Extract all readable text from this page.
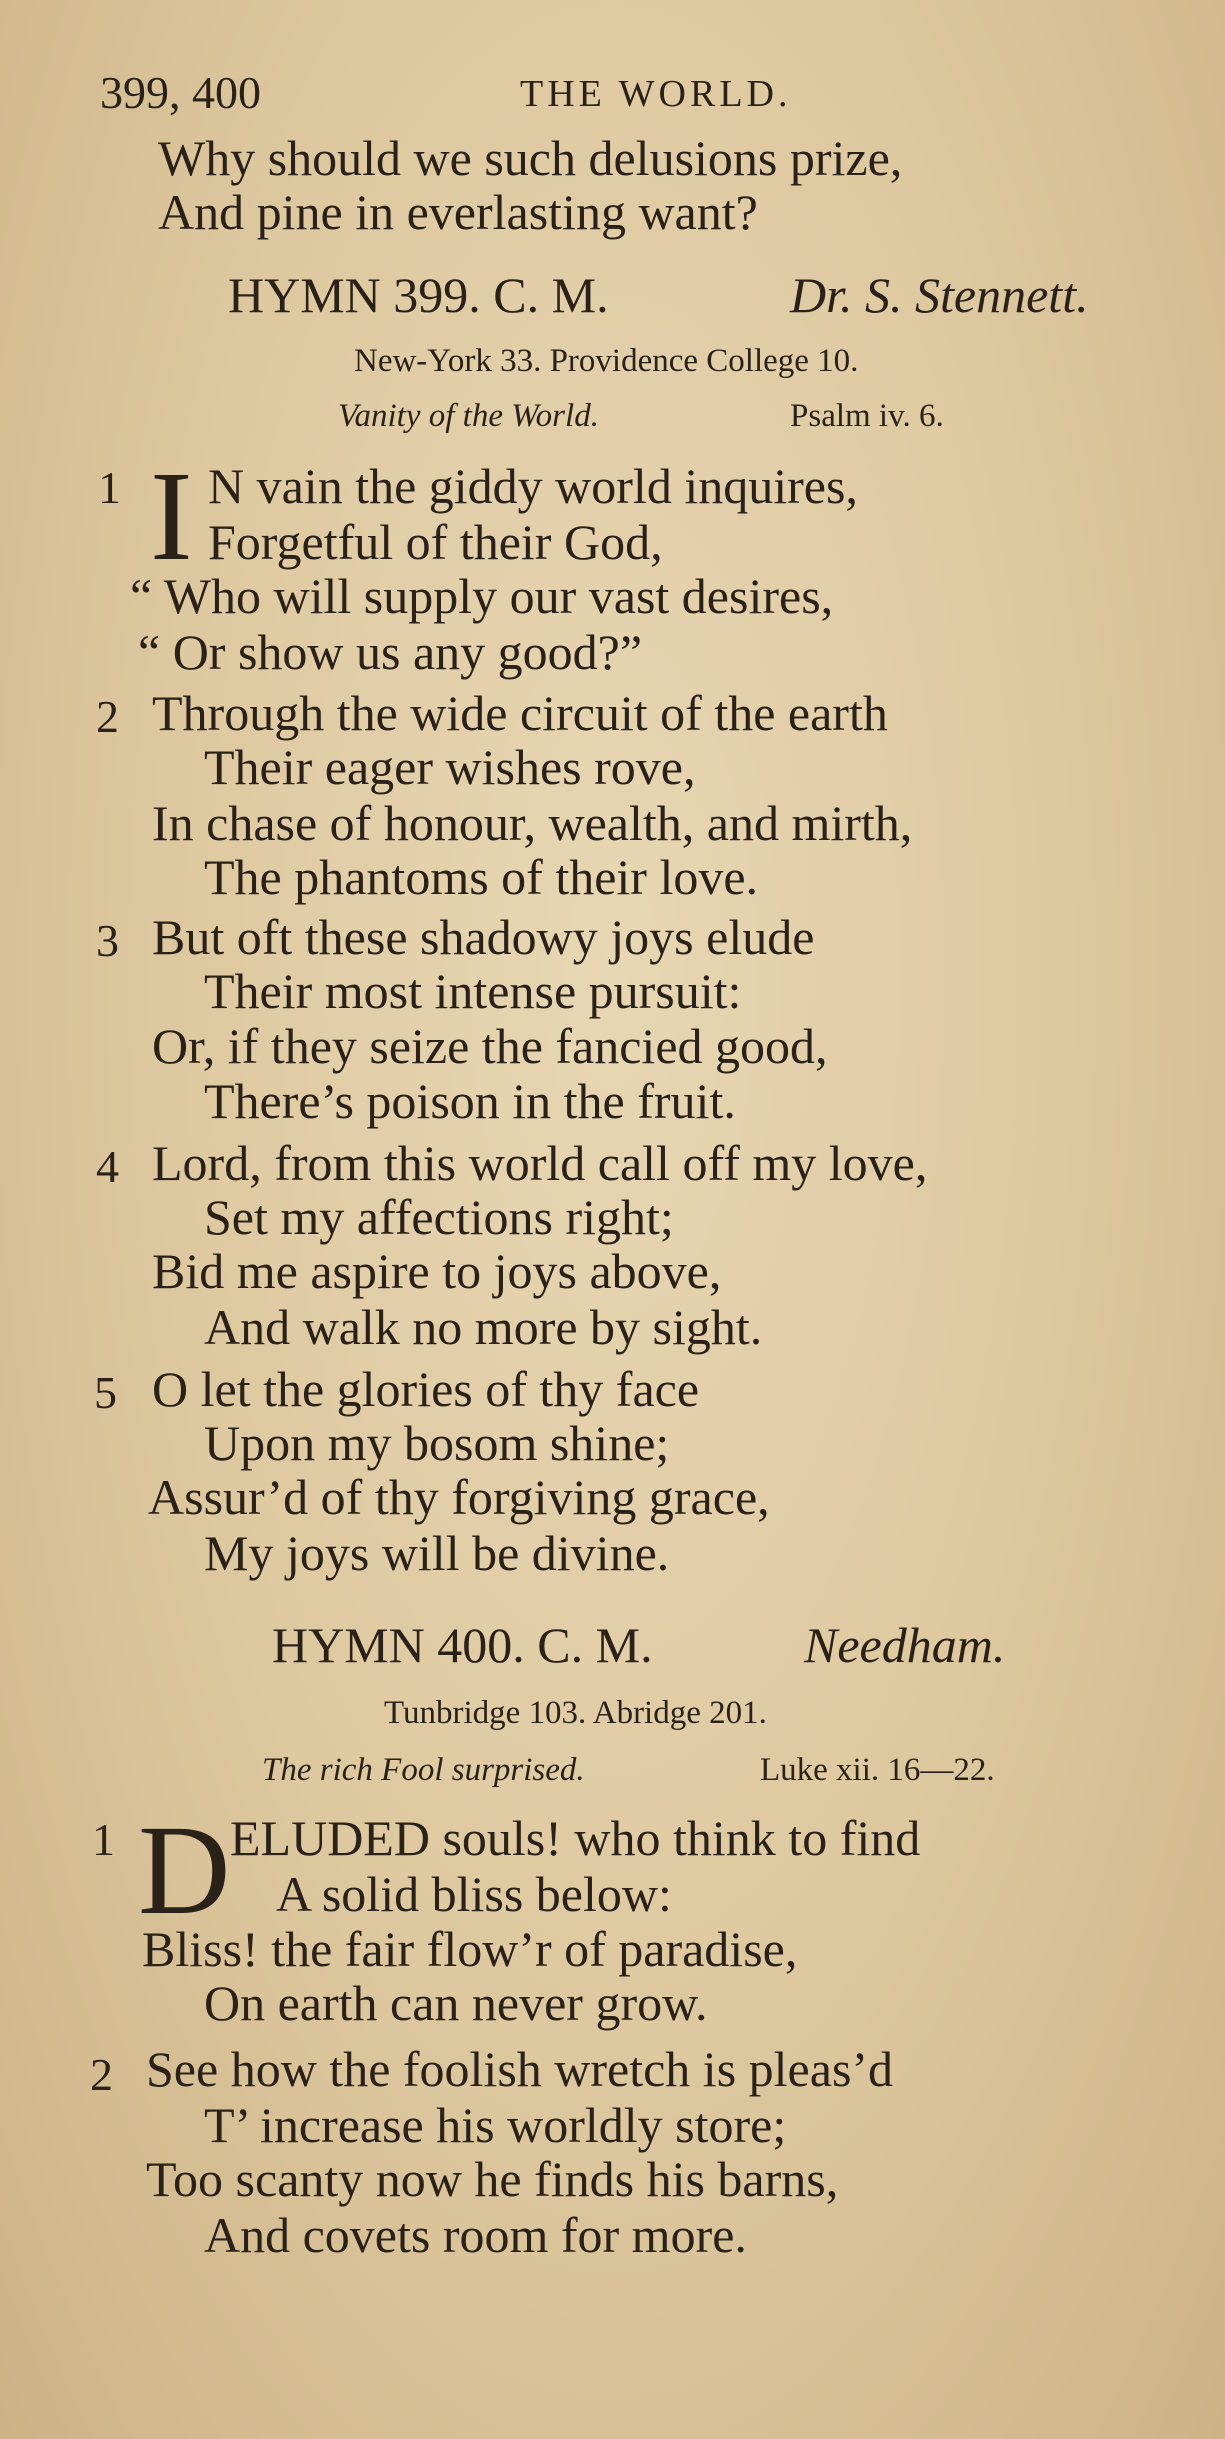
399, 400	THE WORLD.
Why should we such delusions prize,
And pine in everlasting want?
HYMN 399. C. M.	Dr. S. Stennett.
New-York 33. Providence College 10.
Vanity of the World.	Psalm iv. 6.
1 I N vain the giddy world inquires,
Forgetful of their God,
“ Who will supply our vast desires,
“ Or show us any good?”
2 Through the wide circuit of the earth
Their eager wishes rove,
In chase of honour, wealth, and mirth,
The phantoms of their love.
3 But oft these shadowy joys elude
Their most intense pursuit:
Or, if they seize the fancied good,
There’s poison in the fruit.
4 Lord, from this world call off my love,
Set my affections right;
Bid me aspire to joys above,
And walk no more by sight.
5 O let the glories of thy face
Upon my bosom shine;
Assur’d of thy forgiving grace,
My joys will be divine.
HYMN 400. C. M.	Needham.
Tunbridge 103. Abridge 201.
The rich Fool surprised.	Luke xii. 16—22.
1 D ELUDED souls! who think to find
A solid bliss below:
Bliss! the fair flow’r of paradise,
On earth can never grow.
2 See how the foolish wretch is pleas’d
T’ increase his worldly store;
Too scanty now he finds his barns,
And covets room for more.
